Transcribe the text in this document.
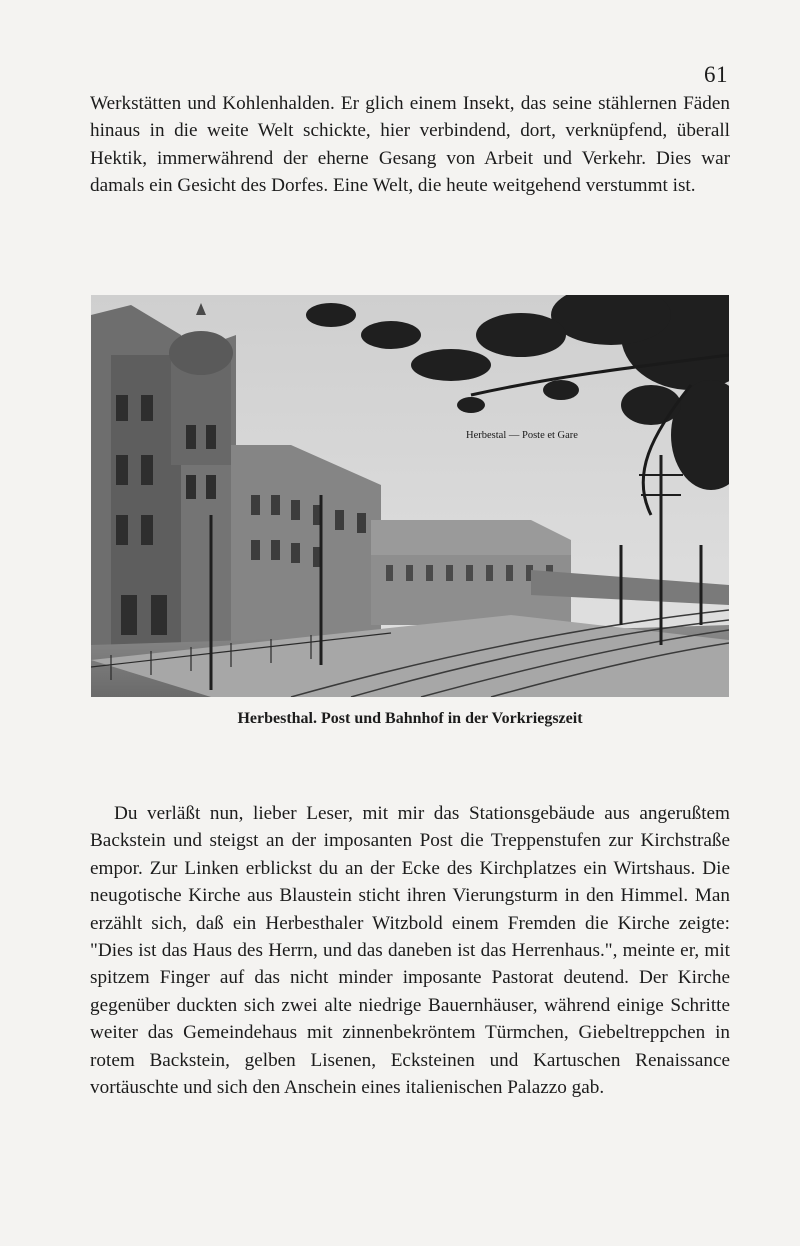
61

Werkstätten und Kohlenhalden. Er glich einem Insekt, das seine stählernen Fäden hinaus in die weite Welt schickte, hier verbindend, dort, verknüpfend, überall Hektik, immerwährend der eherne Gesang von Arbeit und Verkehr. Dies war damals ein Gesicht des Dorfes. Eine Welt, die heute weitgehend verstummt ist.

Herbestal — Poste et Gare
Herbesthal. Post und Bahnhof in der Vorkriegszeit

Du verläßt nun, lieber Leser, mit mir das Stationsgebäude aus angerußtem Backstein und steigst an der imposanten Post die Treppenstufen zur Kirchstraße empor. Zur Linken erblickst du an der Ecke des Kirchplatzes ein Wirtshaus. Die neugotische Kirche aus Blaustein sticht ihren Vierungsturm in den Himmel. Man erzählt sich, daß ein Herbesthaler Witzbold einem Fremden die Kirche zeigte: "Dies ist das Haus des Herrn, und das daneben ist das Herrenhaus.", meinte er, mit spitzem Finger auf das nicht minder imposante Pastorat deutend. Der Kirche gegenüber duckten sich zwei alte niedrige Bauernhäuser, während einige Schritte weiter das Gemeindehaus mit zinnenbekröntem Türmchen, Giebeltreppchen in rotem Backstein, gelben Lisenen, Ecksteinen und Kartuschen Renaissance vortäuschte und sich den Anschein eines italienischen Palazzo gab.
